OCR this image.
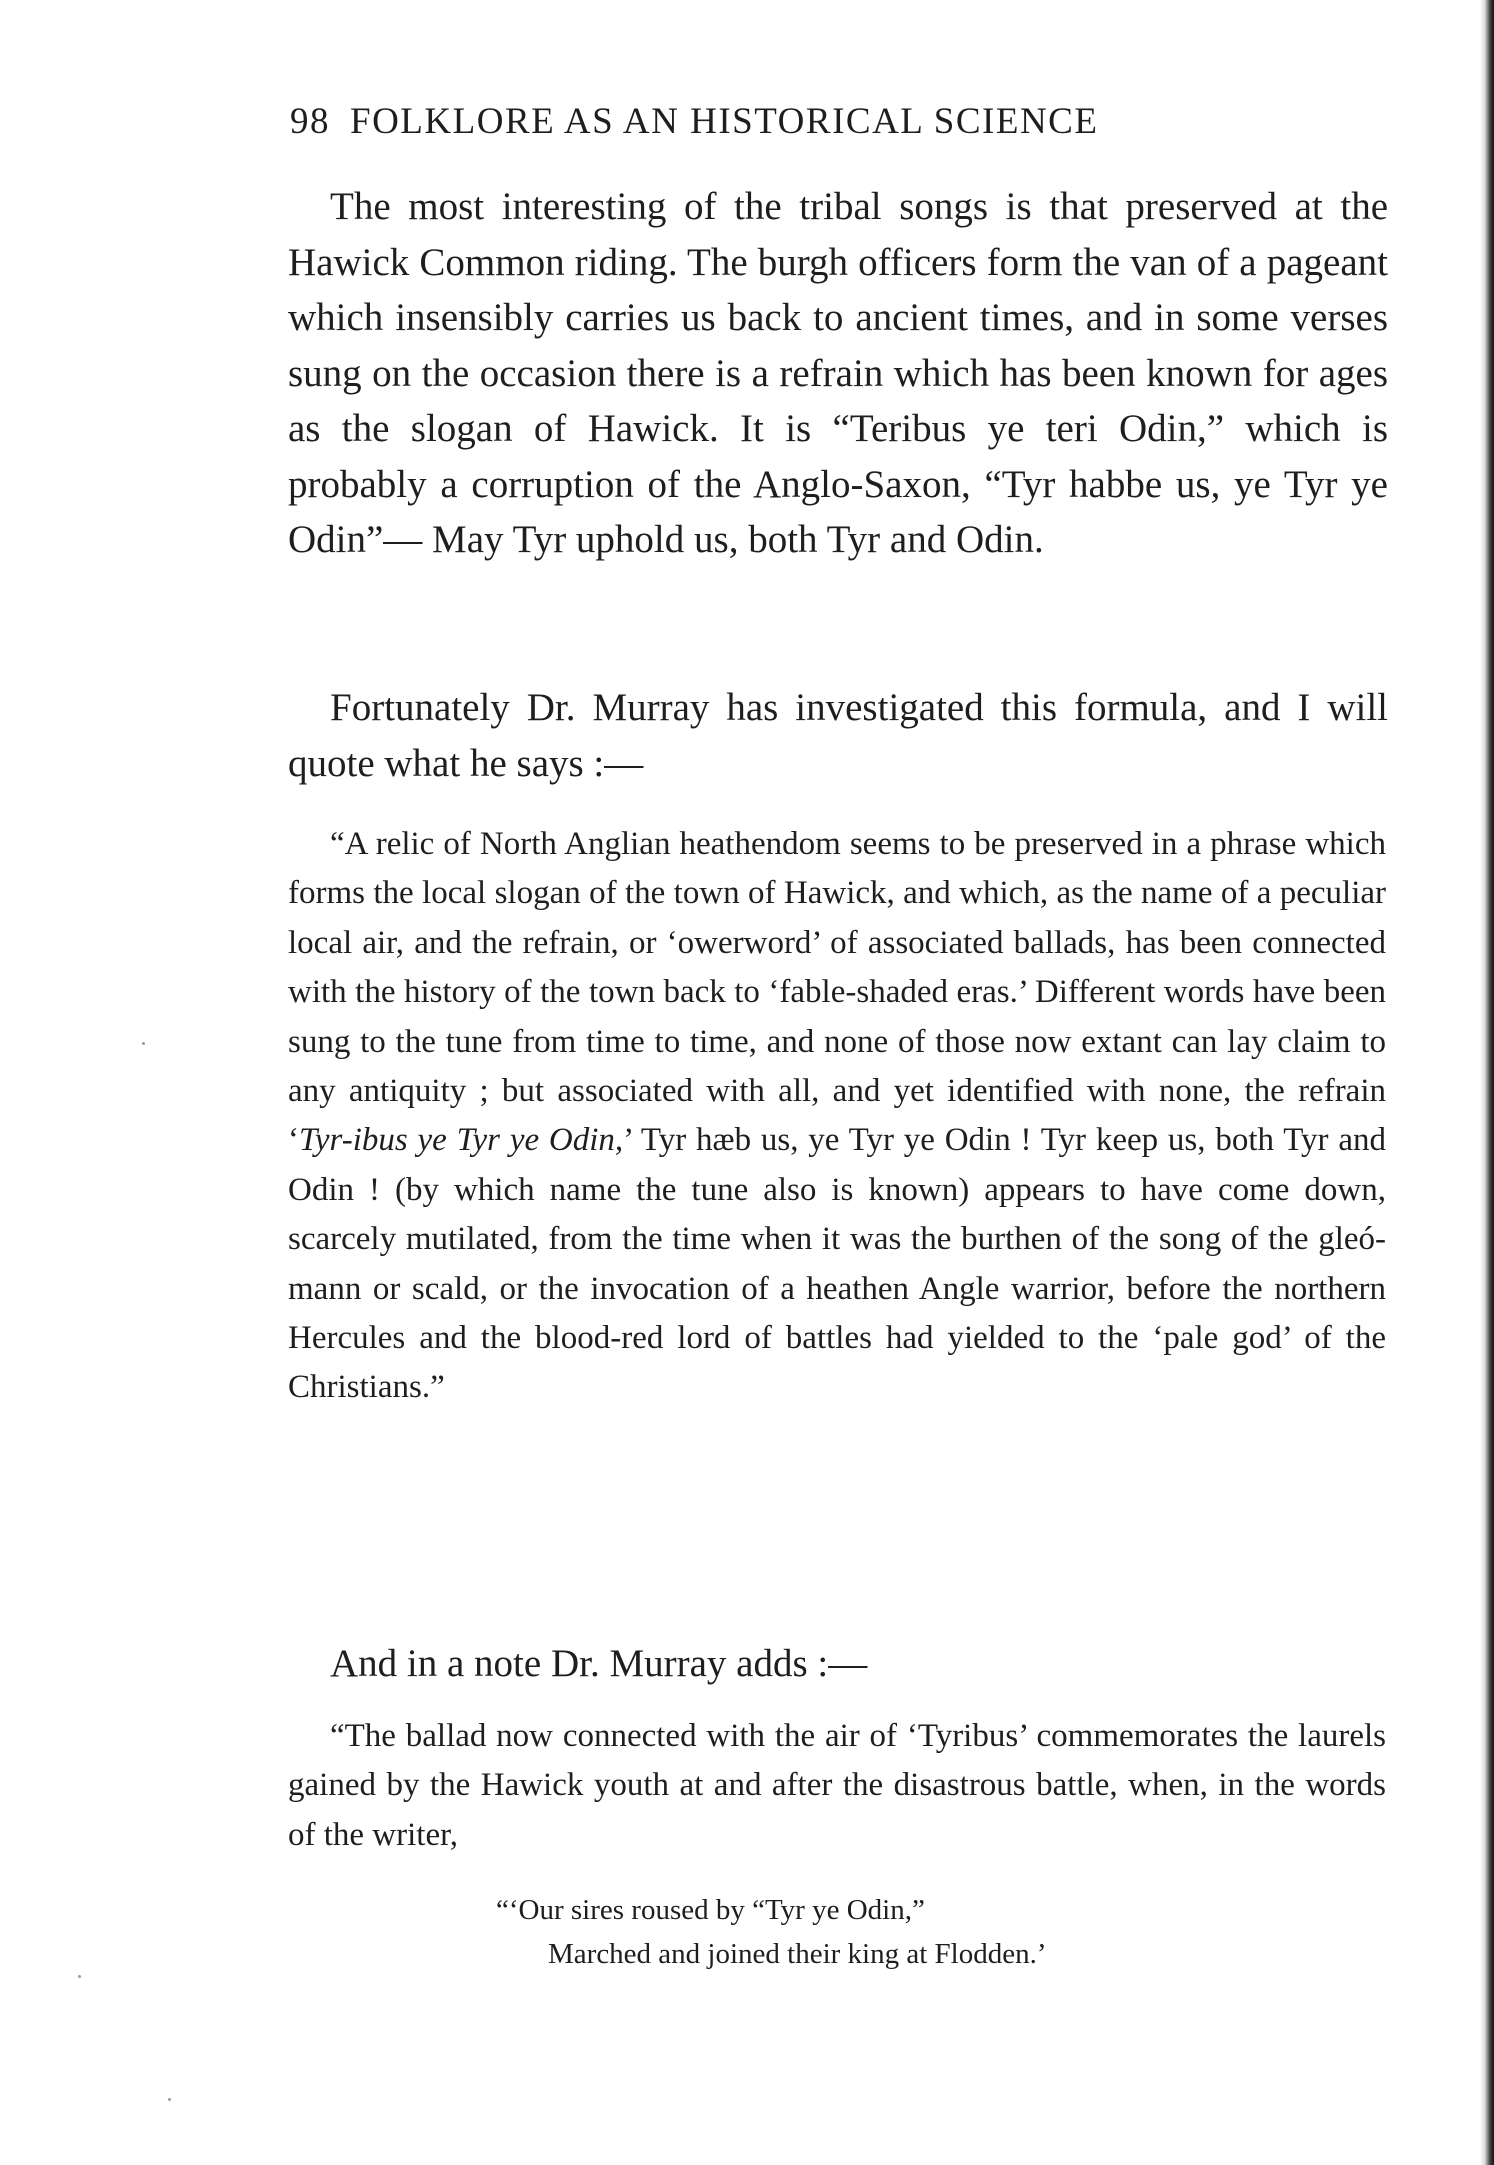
98 FOLKLORE AS AN HISTORICAL SCIENCE

The most interesting of the tribal songs is that preserved at the Hawick Common riding. The burgh officers form the van of a pageant which insensibly carries us back to ancient times, and in some verses sung on the occasion there is a refrain which has been known for ages as the slogan of Hawick. It is “Teribus ye teri Odin,” which is probably a corruption of the Anglo-Saxon, “Tyr habbe us, ye Tyr ye Odin”— May Tyr uphold us, both Tyr and Odin.

Fortunately Dr. Murray has investigated this formula, and I will quote what he says :—

“A relic of North Anglian heathendom seems to be preserved in a phrase which forms the local slogan of the town of Hawick, and which, as the name of a peculiar local air, and the refrain, or ‘owerword’ of associated ballads, has been connected with the history of the town back to ‘fable-shaded eras.’ Different words have been sung to the tune from time to time, and none of those now extant can lay claim to any antiquity ; but associated with all, and yet identified with none, the refrain ‘Tyr-ibus ye Tyr ye Odin,’ Tyr hæb us, ye Tyr ye Odin ! Tyr keep us, both Tyr and Odin ! (by which name the tune also is known) appears to have come down, scarcely mutilated, from the time when it was the burthen of the song of the gleó-mann or scald, or the invocation of a heathen Angle warrior, before the northern Hercules and the blood-red lord of battles had yielded to the ‘pale god’ of the Christians.”

And in a note Dr. Murray adds :—

“The ballad now connected with the air of ‘Tyribus’ commemorates the laurels gained by the Hawick youth at and after the disastrous battle, when, in the words of the writer,

“‘Our sires roused by “Tyr ye Odin,”

Marched and joined their king at Flodden.’
